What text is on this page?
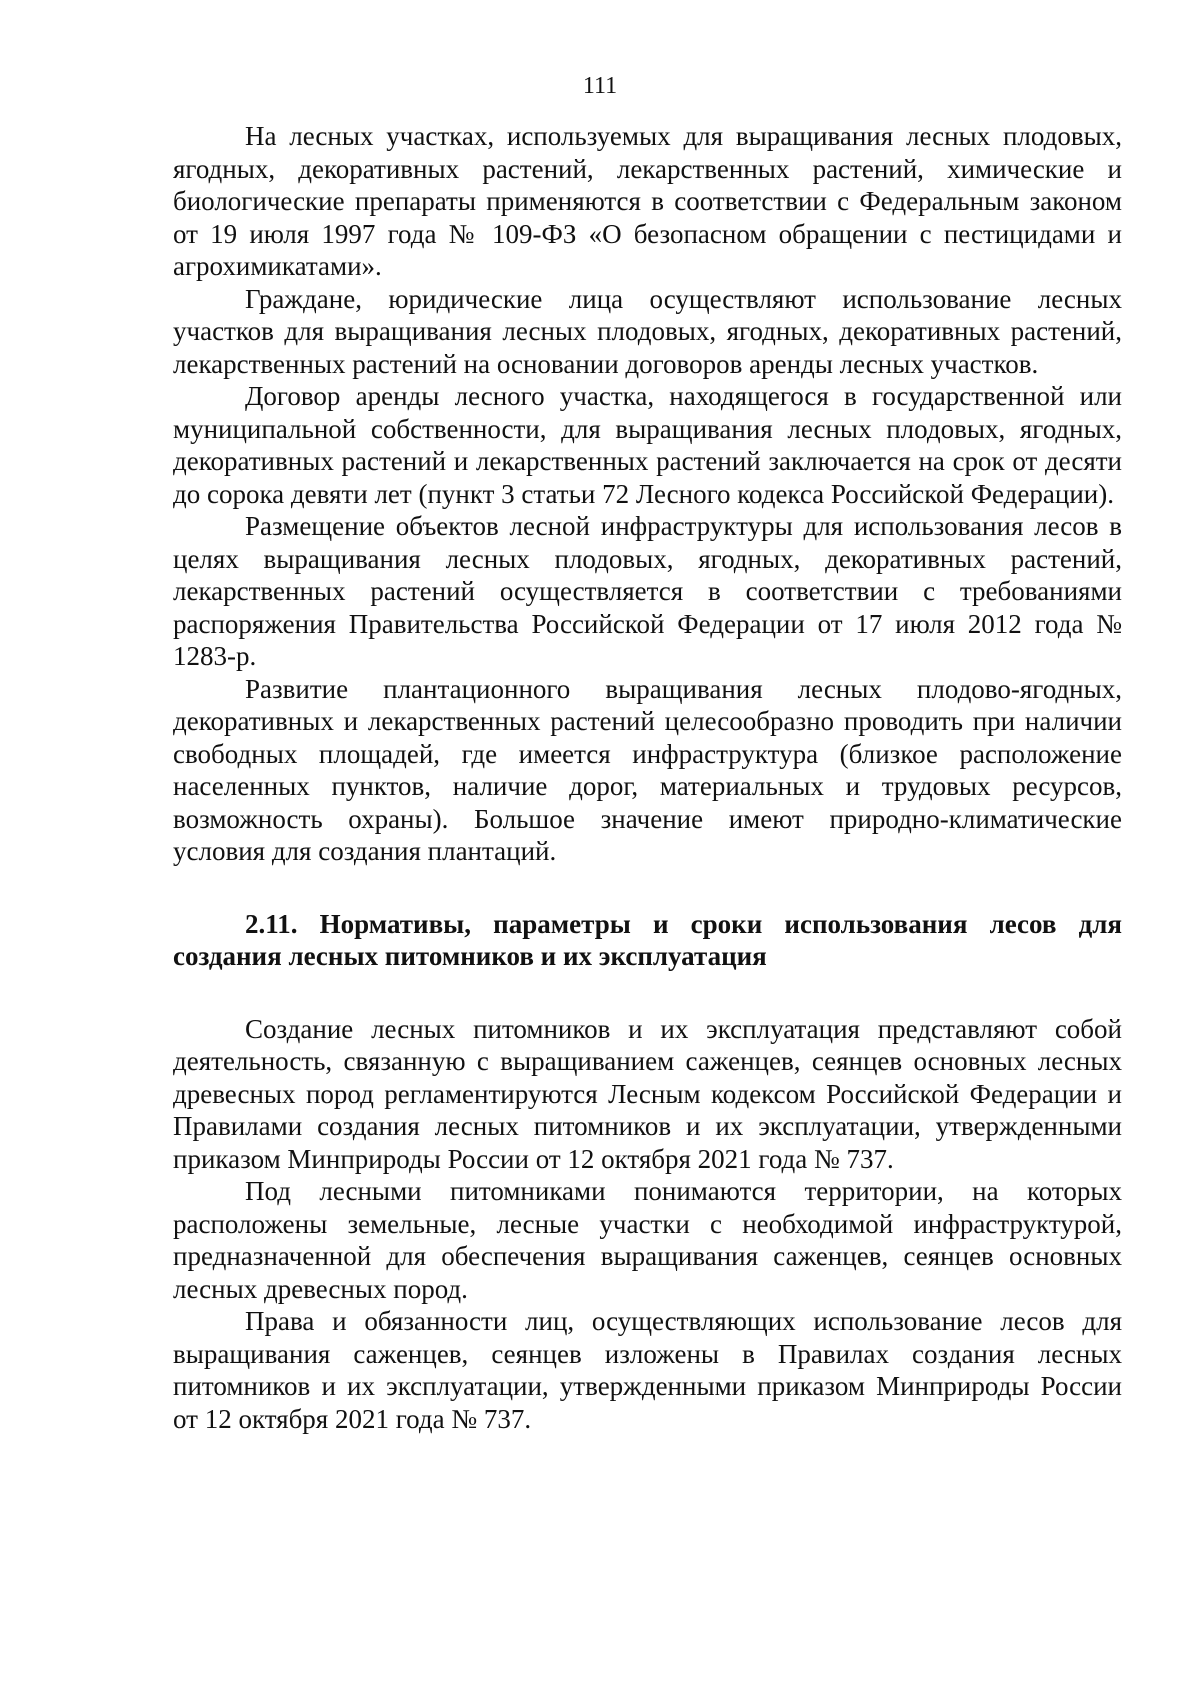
111

На лесных участках, используемых для выращивания лесных плодовых, ягодных, декоративных растений, лекарственных растений, химические и биологические препараты применяются в соответствии с Федеральным законом от 19 июля 1997 года № 109-ФЗ «О безопасном обращении с пестицидами и агрохимикатами».

Граждане, юридические лица осуществляют использование лесных участков для выращивания лесных плодовых, ягодных, декоративных растений, лекарственных растений на основании договоров аренды лесных участков.

Договор аренды лесного участка, находящегося в государственной или муниципальной собственности, для выращивания лесных плодовых, ягодных, декоративных растений и лекарственных растений заключается на срок от десяти до сорока девяти лет (пункт 3 статьи 72 Лесного кодекса Российской Федерации).

Размещение объектов лесной инфраструктуры для использования лесов в целях выращивания лесных плодовых, ягодных, декоративных растений, лекарственных растений осуществляется в соответствии с требованиями распоряжения Правительства Российской Федерации от 17 июля 2012 года № 1283-р.

Развитие плантационного выращивания лесных плодово-ягодных, декоративных и лекарственных растений целесообразно проводить при наличии свободных площадей, где имеется инфраструктура (близкое расположение населенных пунктов, наличие дорог, материальных и трудовых ресурсов, возможность охраны). Большое значение имеют природно-климатические условия для создания плантаций.

2.11. Нормативы, параметры и сроки использования лесов для создания лесных питомников и их эксплуатация

Создание лесных питомников и их эксплуатация представляют собой деятельность, связанную с выращиванием саженцев, сеянцев основных лесных древесных пород регламентируются Лесным кодексом Российской Федерации и Правилами создания лесных питомников и их эксплуатации, утвержденными приказом Минприроды России от 12 октября 2021 года № 737.

Под лесными питомниками понимаются территории, на которых расположены земельные, лесные участки с необходимой инфраструктурой, предназначенной для обеспечения выращивания саженцев, сеянцев основных лесных древесных пород.

Права и обязанности лиц, осуществляющих использование лесов для выращивания саженцев, сеянцев изложены в Правилах создания лесных питомников и их эксплуатации, утвержденными приказом Минприроды России от 12 октября 2021 года № 737.
